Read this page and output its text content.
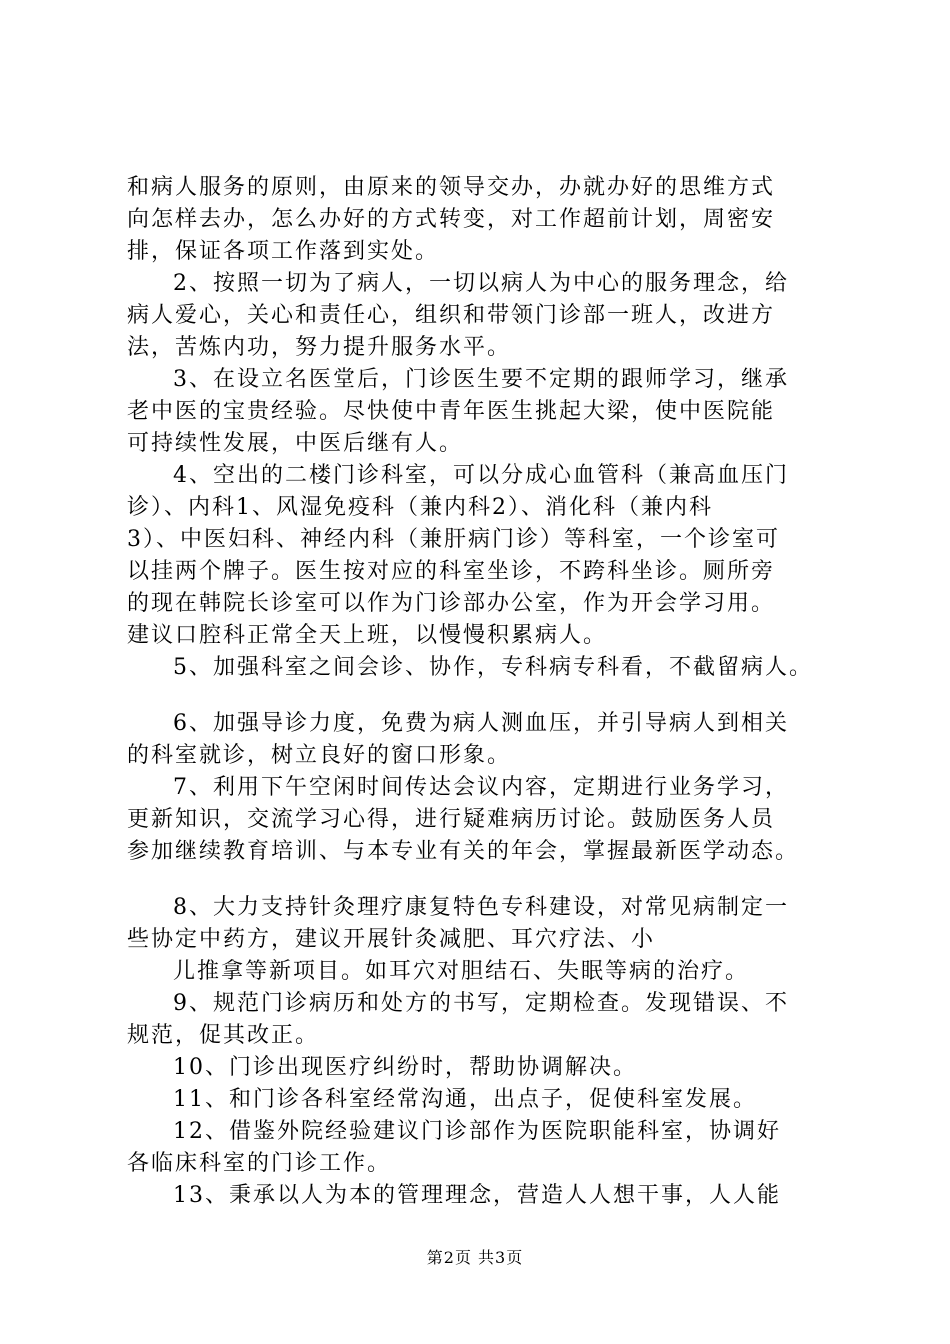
和病人服务的原则，由原来的领导交办，办就办好的思维方式
向怎样去办，怎么办好的方式转变，对工作超前计划，周密安
排，保证各项工作落到实处。

2、按照一切为了病人，一切以病人为中心的服务理念，给
病人爱心，关心和责任心，组织和带领门诊部一班人，改进方
法，苦炼内功，努力提升服务水平。

3、在设立名医堂后，门诊医生要不定期的跟师学习，继承
老中医的宝贵经验。尽快使中青年医生挑起大梁，使中医院能
可持续性发展，中医后继有人。

4、空出的二楼门诊科室，可以分成心血管科（兼高血压门
诊）、内科1、风湿免疫科（兼内科2）、消化科（兼内科
3）、中医妇科、神经内科（兼肝病门诊）等科室，一个诊室可
以挂两个牌子。医生按对应的科室坐诊，不跨科坐诊。厕所旁
的现在韩院长诊室可以作为门诊部办公室，作为开会学习用。
建议口腔科正常全天上班，以慢慢积累病人。

5、加强科室之间会诊、协作，专科病专科看，不截留病人。

6、加强导诊力度，免费为病人测血压，并引导病人到相关
的科室就诊，树立良好的窗口形象。

7、利用下午空闲时间传达会议内容，定期进行业务学习，
更新知识，交流学习心得，进行疑难病历讨论。鼓励医务人员
参加继续教育培训、与本专业有关的年会，掌握最新医学动态。

8、大力支持针灸理疗康复特色专科建设，对常见病制定一
些协定中药方，建议开展针灸减肥、耳穴疗法、小
儿推拿等新项目。如耳穴对胆结石、失眠等病的治疗。

9、规范门诊病历和处方的书写，定期检查。发现错误、不
规范，促其改正。

10、门诊出现医疗纠纷时，帮助协调解决。

11、和门诊各科室经常沟通，出点子，促使科室发展。

12、借鉴外院经验建议门诊部作为医院职能科室，协调好
各临床科室的门诊工作。

13、秉承以人为本的管理理念，营造人人想干事，人人能

第2页 共3页
